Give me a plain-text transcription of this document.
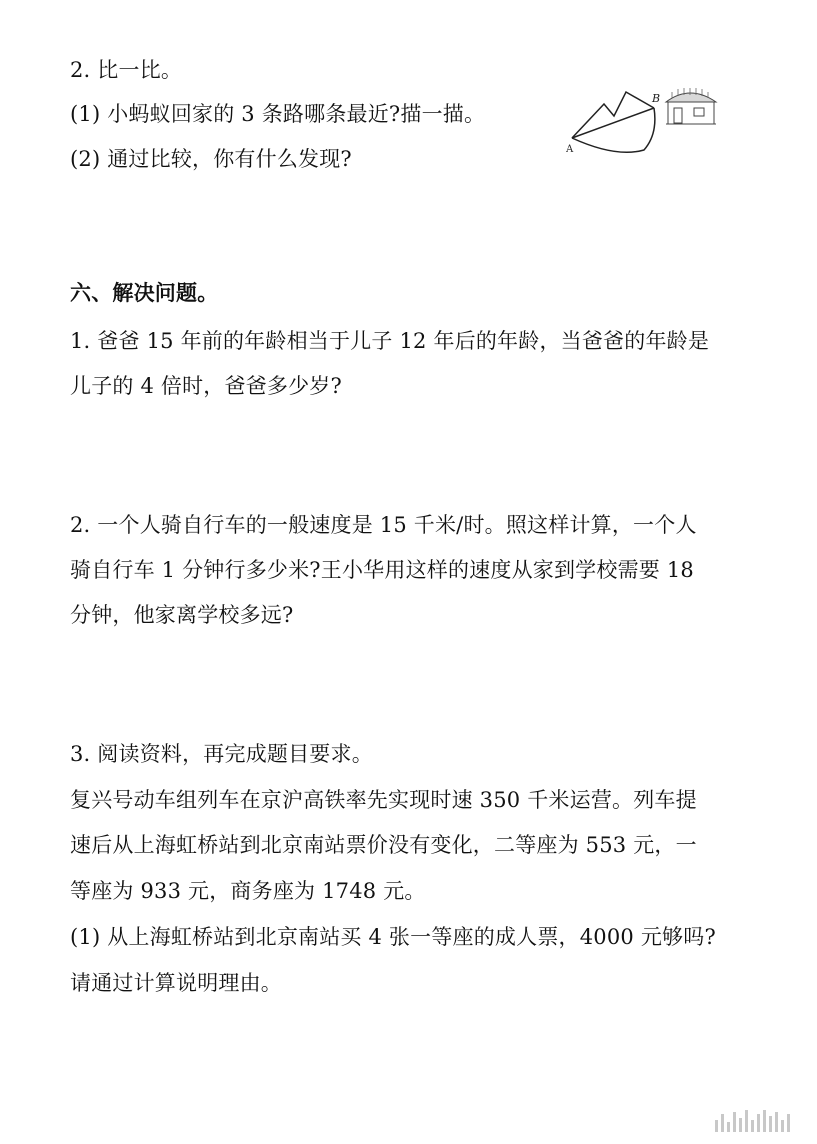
2. 比一比。
(1) 小蚂蚁回家的 3 条路哪条最近?描一描。
(2) 通过比较，你有什么发现?
B
A
六、解决问题。
1. 爸爸 15 年前的年龄相当于儿子 12 年后的年龄，当爸爸的年龄是
儿子的 4 倍时，爸爸多少岁?
2. 一个人骑自行车的一般速度是 15 千米/时。照这样计算，一个人
骑自行车 1 分钟行多少米?王小华用这样的速度从家到学校需要 18
分钟，他家离学校多远?
3. 阅读资料，再完成题目要求。
复兴号动车组列车在京沪高铁率先实现时速 350 千米运营。列车提
速后从上海虹桥站到北京南站票价没有变化，二等座为 553 元，一
等座为 933 元，商务座为 1748 元。
(1) 从上海虹桥站到北京南站买 4 张一等座的成人票，4000 元够吗?
请通过计算说明理由。
